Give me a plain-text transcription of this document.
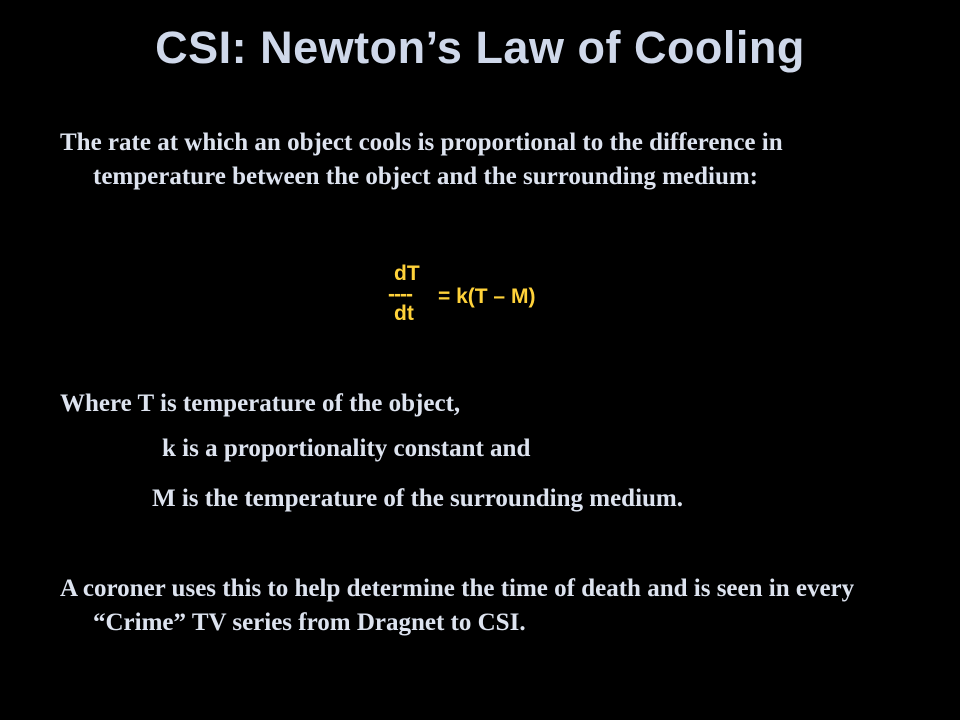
CSI: Newton’s Law of Cooling
The rate at which an object cools is proportional to the difference in temperature between the object and the surrounding medium:
dT
---- = k(T – M)
dt
Where T is temperature of the object,
k is a proportionality constant and
M is the temperature of the surrounding medium.
A coroner uses this to help determine the time of death and is seen in every “Crime” TV series from Dragnet to CSI.
